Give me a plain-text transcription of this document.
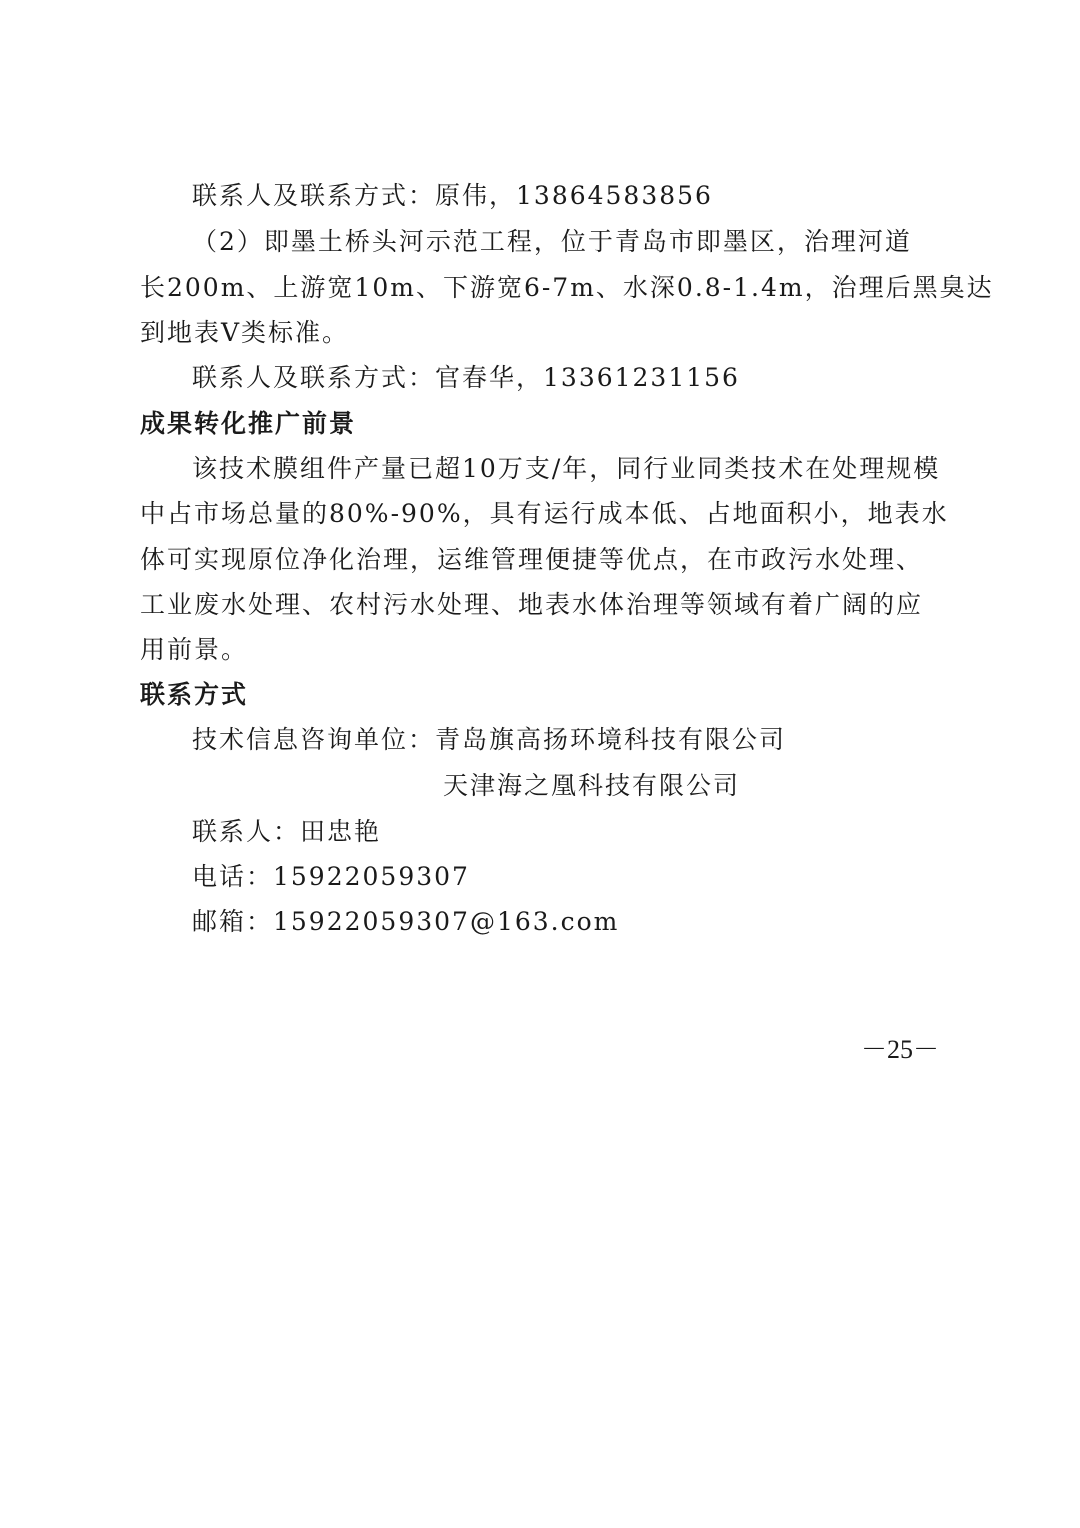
联系人及联系方式：原伟，13864583856
（2）即墨土桥头河示范工程，位于青岛市即墨区，治理河道
长200m、上游宽10m、下游宽6-7m、水深0.8-1.4m，治理后黑臭达
到地表V类标准。
联系人及联系方式：官春华，13361231156
成果转化推广前景
该技术膜组件产量已超10万支/年，同行业同类技术在处理规模
中占市场总量的80%-90%，具有运行成本低、占地面积小，地表水
体可实现原位净化治理，运维管理便捷等优点，在市政污水处理、
工业废水处理、农村污水处理、地表水体治理等领域有着广阔的应
用前景。
联系方式
技术信息咨询单位：青岛旗高扬环境科技有限公司
天津海之凰科技有限公司
联系人：田忠艳
电话：15922059307
邮箱：15922059307@163.com
－25－
